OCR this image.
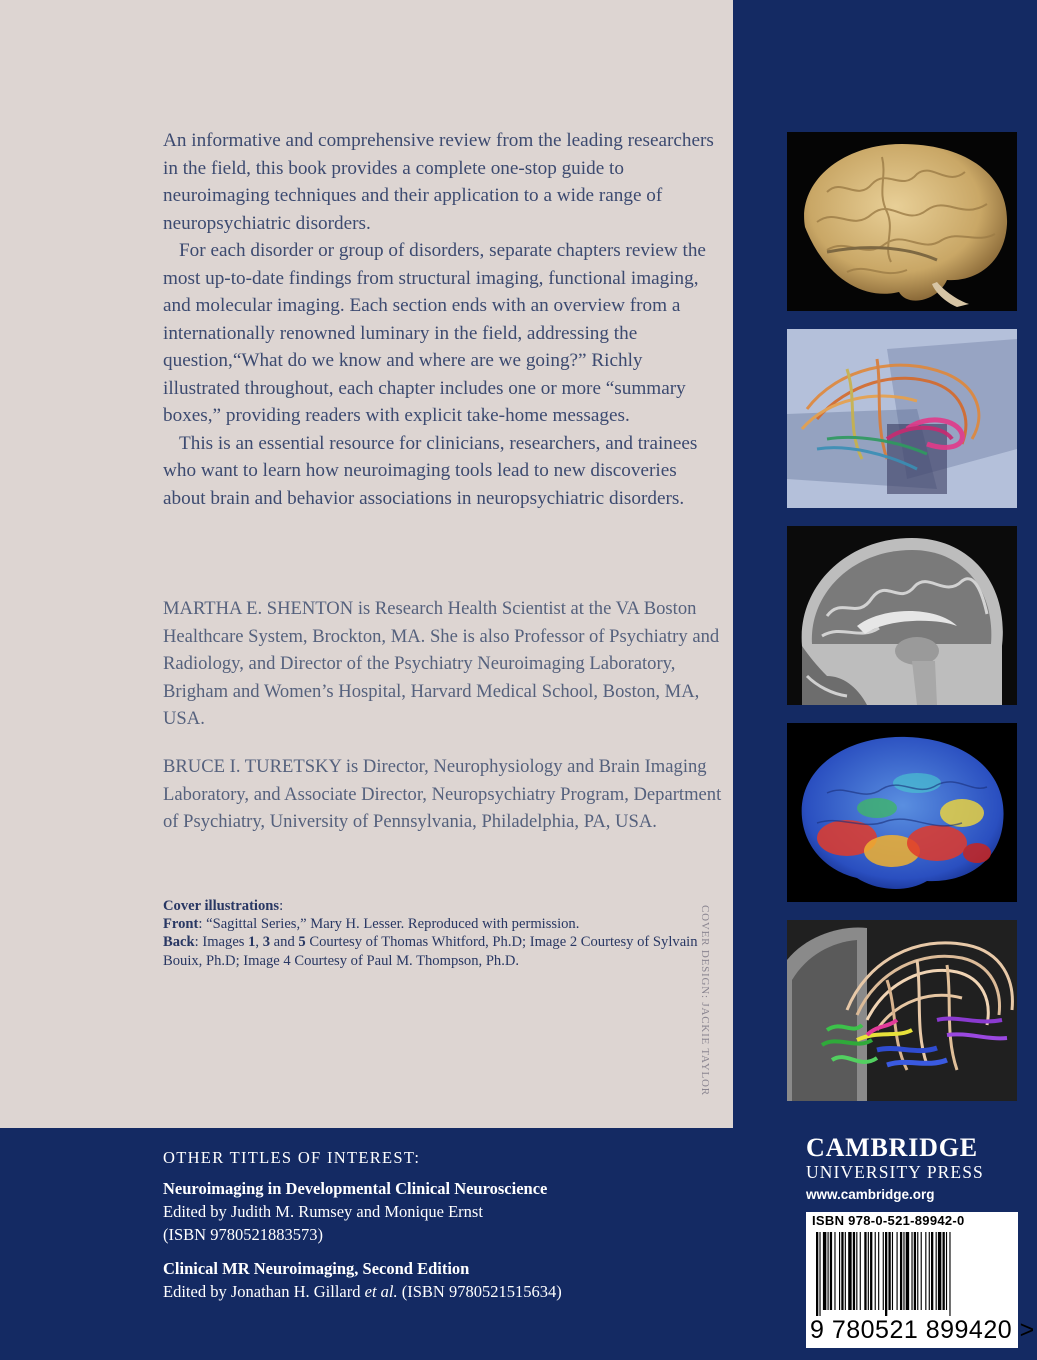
An informative and comprehensive review from the leading researchers in the field, this book provides a complete one-stop guide to neuroimaging techniques and their application to a wide range of neuropsychiatric disorders.

For each disorder or group of disorders, separate chapters review the most up-to-date findings from structural imaging, functional imaging, and molecular imaging. Each section ends with an overview from a internationally renowned luminary in the field, addressing the question,“What do we know and where are we going?” Richly illustrated throughout, each chapter includes one or more “summary boxes,” providing readers with explicit take-home messages.

This is an essential resource for clinicians, researchers, and trainees who want to learn how neuroimaging tools lead to new discoveries about brain and behavior associations in neuropsychiatric disorders.

MARTHA E. SHENTON is Research Health Scientist at the VA Boston Healthcare System, Brockton, MA. She is also Professor of Psychiatry and Radiology, and Director of the Psychiatry Neuroimaging Laboratory, Brigham and Women’s Hospital, Harvard Medical School, Boston, MA, USA.

BRUCE I. TURETSKY is Director, Neurophysiology and Brain Imaging Laboratory, and Associate Director, Neuropsychiatry Program, Department of Psychiatry, University of Pennsylvania, Philadelphia, PA, USA.

Cover illustrations:
Front: “Sagittal Series,” Mary H. Lesser. Reproduced with permission.
Back: Images 1, 3 and 5 Courtesy of Thomas Whitford, Ph.D; Image 2 Courtesy of Sylvain Bouix, Ph.D; Image 4 Courtesy of Paul M. Thompson, Ph.D.	COVER DESIGN: JACKIE TAYLOR
OTHER TITLES OF INTEREST:
Neuroimaging in Developmental Clinical Neuroscience
Edited by Judith M. Rumsey and Monique Ernst
(ISBN 9780521883573)
Clinical MR Neuroimaging, Second Edition
Edited by Jonathan H. Gillard et al. (ISBN 9780521515634)
CAMBRIDGE
UNIVERSITY PRESS
www.cambridge.org
ISBN 978-0-521-89942-0
9 780521 899420 >
